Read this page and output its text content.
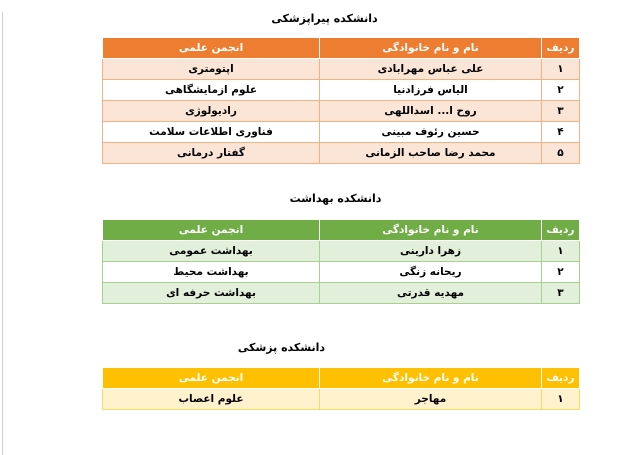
دانشکده پیراپزشکی
ردیف	نام و نام خانوادگی	انجمن علمی
۱	علی عباس مهرابادی	اپتومتری
۲	الیاس فرزادنیا	علوم ازمایشگاهی
۳	روح ا... اسداللهی	رادیولوژی
۴	حسین رئوف مبینی	فناوری اطلاعات سلامت
۵	محمد رضا صاحب الزمانی	گفتار درمانی
دانشکده بهداشت
ردیف	نام و نام خانوادگی	انجمن علمی
۱	زهرا دارینی	بهداشت عمومی
۲	ریحانه زنگی	بهداشت محیط
۳	مهدیه قدرتی	بهداشت حرفه ای
دانشکده پزشکی
ردیف	نام و نام خانوادگی	انجمن علمی
۱	مهاجر	علوم اعصاب
